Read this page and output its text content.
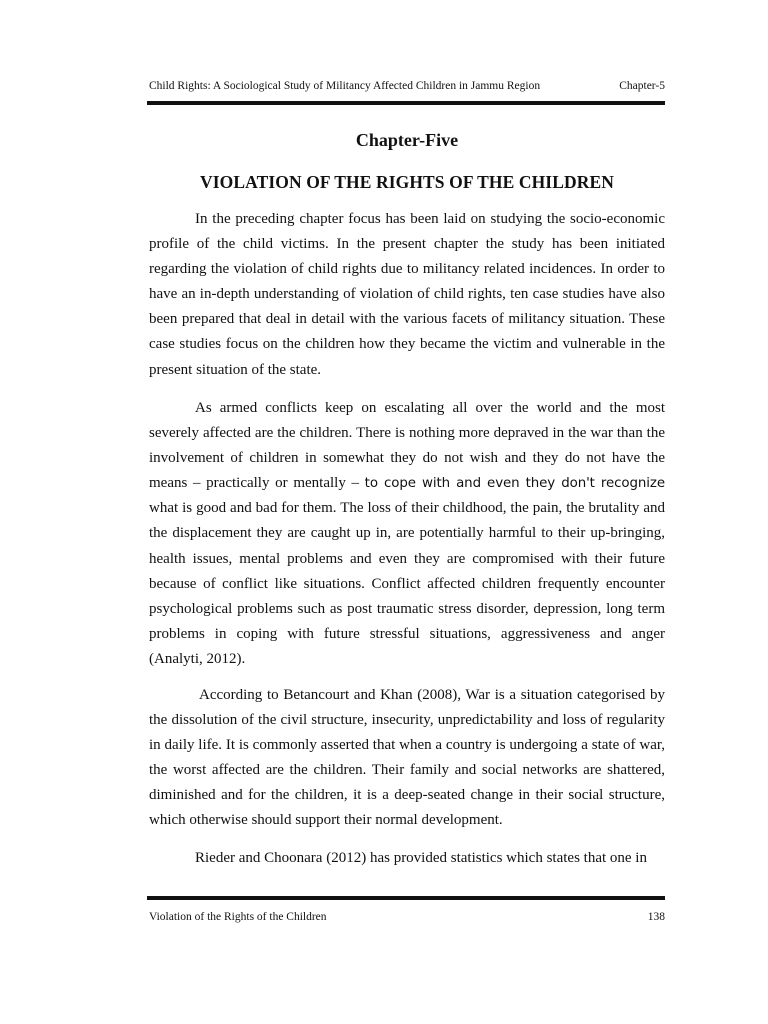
Child Rights: A Sociological Study of Militancy Affected Children in Jammu Region	Chapter-5
Chapter-Five
VIOLATION OF THE RIGHTS OF THE CHILDREN

In the preceding chapter focus has been laid on studying the socio-economic profile of the child victims. In the present chapter the study has been initiated regarding the violation of child rights due to militancy related incidences. In order to have an in-depth understanding of violation of child rights, ten case studies have also been prepared that deal in detail with the various facets of militancy situation. These case studies focus on the children how they became the victim and vulnerable in the present situation of the state.

As armed conflicts keep on escalating all over the world and the most severely affected are the children. There is nothing more depraved in the war than the involvement of children in somewhat they do not wish and they do not have the means – practically or mentally – to cope with and even they don't recognize what is good and bad for them. The loss of their childhood, the pain, the brutality and the displacement they are caught up in, are potentially harmful to their up-bringing, health issues, mental problems and even they are compromised with their future because of conflict like situations. Conflict affected children frequently encounter psychological problems such as post traumatic stress disorder, depression, long term problems in coping with future stressful situations, aggressiveness and anger (Analyti, 2012).

According to Betancourt and Khan (2008), War is a situation categorised by the dissolution of the civil structure, insecurity, unpredictability and loss of regularity in daily life. It is commonly asserted that when a country is undergoing a state of war, the worst affected are the children. Their family and social networks are shattered, diminished and for the children, it is a deep-seated change in their social structure, which otherwise should support their normal development.

Rieder and Choonara (2012) has provided statistics which states that one in

Violation of the Rights of the Children	138
